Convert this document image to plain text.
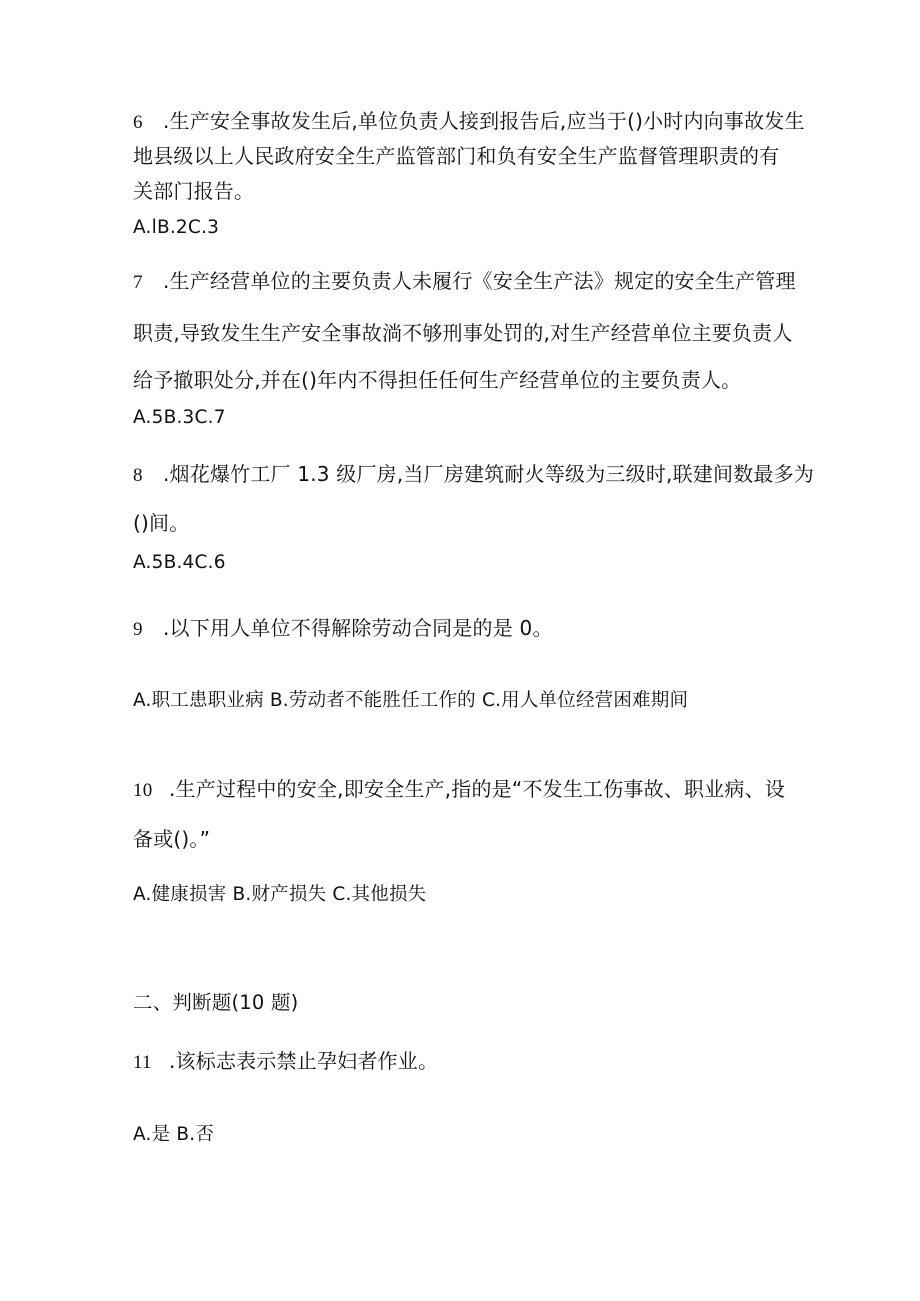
6 .生产安全事故发生后,单位负责人接到报告后,应当于()小时内向事故发生
地县级以上人民政府安全生产监管部门和负有安全生产监督管理职责的有
关部门报告。
A.lB.2C.3
7 .生产经营单位的主要负责人未履行《安全生产法》规定的安全生产管理
职责,导致发生生产安全事故淌不够刑事处罚的,对生产经营单位主要负责人
给予撤职处分,并在()年内不得担任任何生产经营单位的主要负责人。
A.5B.3C.7
8 .烟花爆竹工厂 1.3 级厂房,当厂房建筑耐火等级为三级时,联建间数最多为
()间。
A.5B.4C.6
9 .以下用人单位不得解除劳动合同是的是 0。
A.职工患职业病 B.劳动者不能胜任工作的 C.用人单位经营困难期间
10 .生产过程中的安全,即安全生产,指的是“不发生工伤事故、职业病、设
备或()。”
A.健康损害 B.财产损失 C.其他损失
二、判断题(10 题)
11 .该标志表示禁止孕妇者作业。
A.是 B.否
